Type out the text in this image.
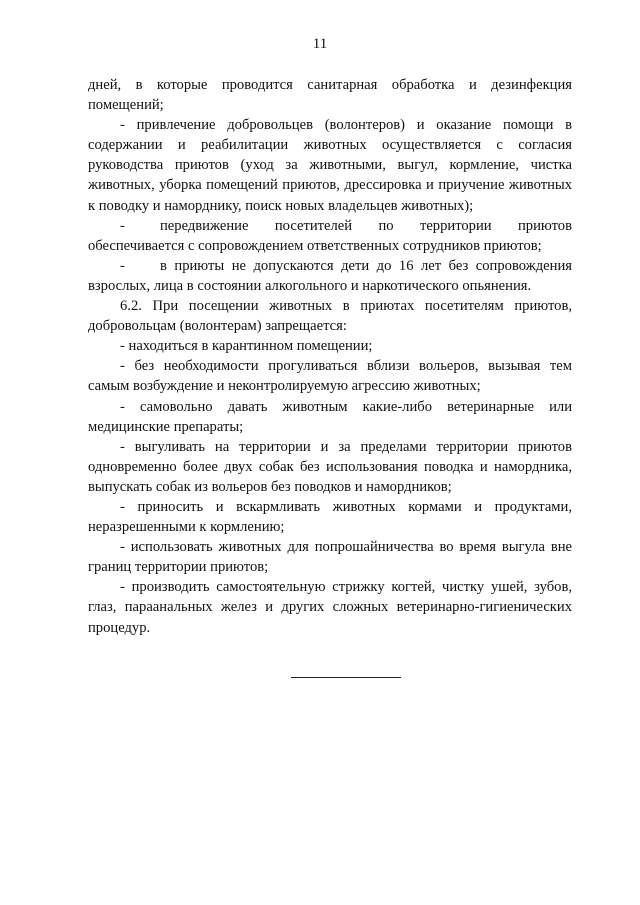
11

дней, в которые проводится санитарная обработка и дезинфекция помещений;

- привлечение добровольцев (волонтеров) и оказание помощи в содержании и реабилитации животных осуществляется с согласия руководства приютов (уход за животными, выгул, кормление, чистка животных, уборка помещений приютов, дрессировка и приучение животных к поводку и наморднику, поиск новых владельцев животных);

- передвижение посетителей по территории приютов обеспечивается с сопровождением ответственных сотрудников приютов;

- в приюты не допускаются дети до 16 лет без сопровождения взрослых, лица в состоянии алкогольного и наркотического опьянения.

6.2. При посещении животных в приютах посетителям приютов, добровольцам (волонтерам) запрещается:

- находиться в карантинном помещении;

- без необходимости прогуливаться вблизи вольеров, вызывая тем самым возбуждение и неконтролируемую агрессию животных;

- самовольно давать животным какие-либо ветеринарные или медицинские препараты;

- выгуливать на территории и за пределами территории приютов одновременно более двух собак без использования поводка и намордника, выпускать собак из вольеров без поводков и намордников;

- приносить и вскармливать животных кормами и продуктами, неразрешенными к кормлению;

- использовать животных для попрошайничества во время выгула вне границ территории приютов;

- производить самостоятельную стрижку когтей, чистку ушей, зубов, глаз, параанальных желез и других сложных ветеринарно-гигиенических процедур.
